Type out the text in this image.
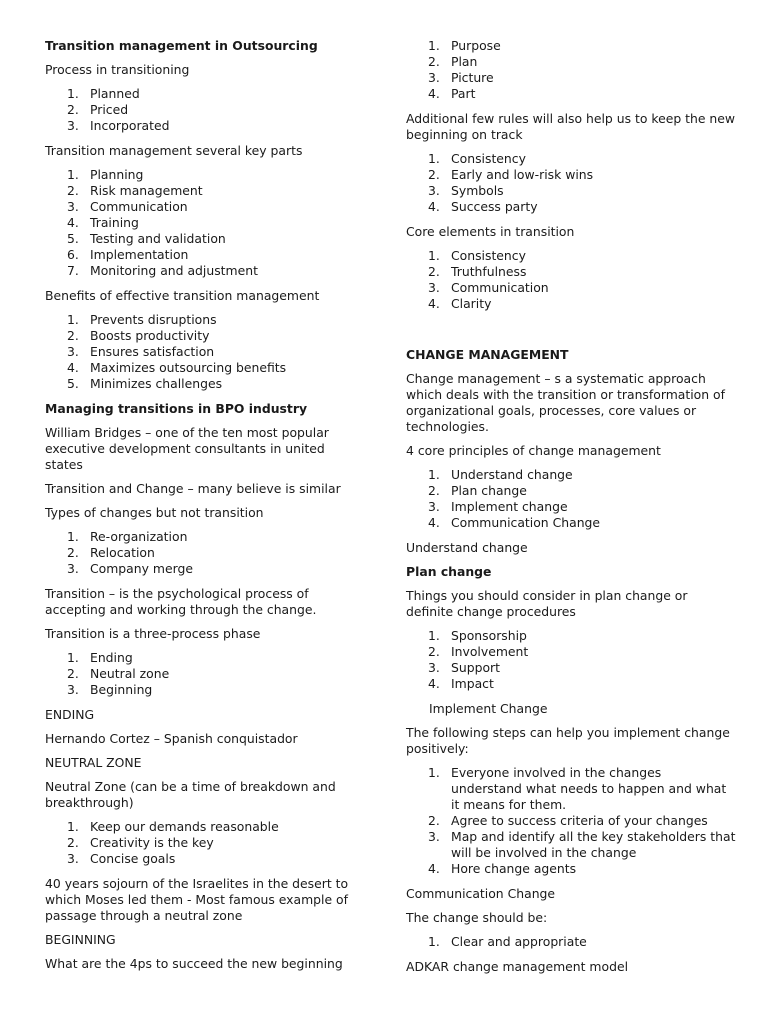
Transition management in Outsourcing

Process in transitioning

1. Planned
2. Priced
3. Incorporated

Transition management several key parts

1. Planning
2. Risk management
3. Communication
4. Training
5. Testing and validation
6. Implementation
7. Monitoring and adjustment

Benefits of effective transition management

1. Prevents disruptions
2. Boosts productivity
3. Ensures satisfaction
4. Maximizes outsourcing benefits
5. Minimizes challenges

Managing transitions in BPO industry

William Bridges – one of the ten most popular executive development consultants in united states

Transition and Change – many believe is similar

Types of changes but not transition

1. Re-organization
2. Relocation
3. Company merge

Transition – is the psychological process of accepting and working through the change.

Transition is a three-process phase

1. Ending
2. Neutral zone
3. Beginning

ENDING

Hernando Cortez – Spanish conquistador

NEUTRAL ZONE

Neutral Zone (can be a time of breakdown and breakthrough)

1. Keep our demands reasonable
2. Creativity is the key
3. Concise goals

40 years sojourn of the Israelites in the desert to which Moses led them - Most famous example of passage through a neutral zone

BEGINNING

What are the 4ps to succeed the new beginning

1. Purpose
2. Plan
3. Picture
4. Part

Additional few rules will also help us to keep the new beginning on track

1. Consistency
2. Early and low-risk wins
3. Symbols
4. Success party

Core elements in transition

1. Consistency
2. Truthfulness
3. Communication
4. Clarity

CHANGE MANAGEMENT

Change management – s a systematic approach which deals with the transition or transformation of organizational goals, processes, core values or technologies.

4 core principles of change management

1. Understand change
2. Plan change
3. Implement change
4. Communication Change

Understand change

Plan change

Things you should consider in plan change or definite change procedures

1. Sponsorship
2. Involvement
3. Support
4. Impact

Implement Change

The following steps can help you implement change positively:

1. Everyone involved in the changes understand what needs to happen and what it means for them.
2. Agree to success criteria of your changes
3. Map and identify all the key stakeholders that will be involved in the change
4. Hore change agents

Communication Change

The change should be:

1. Clear and appropriate

ADKAR change management model
